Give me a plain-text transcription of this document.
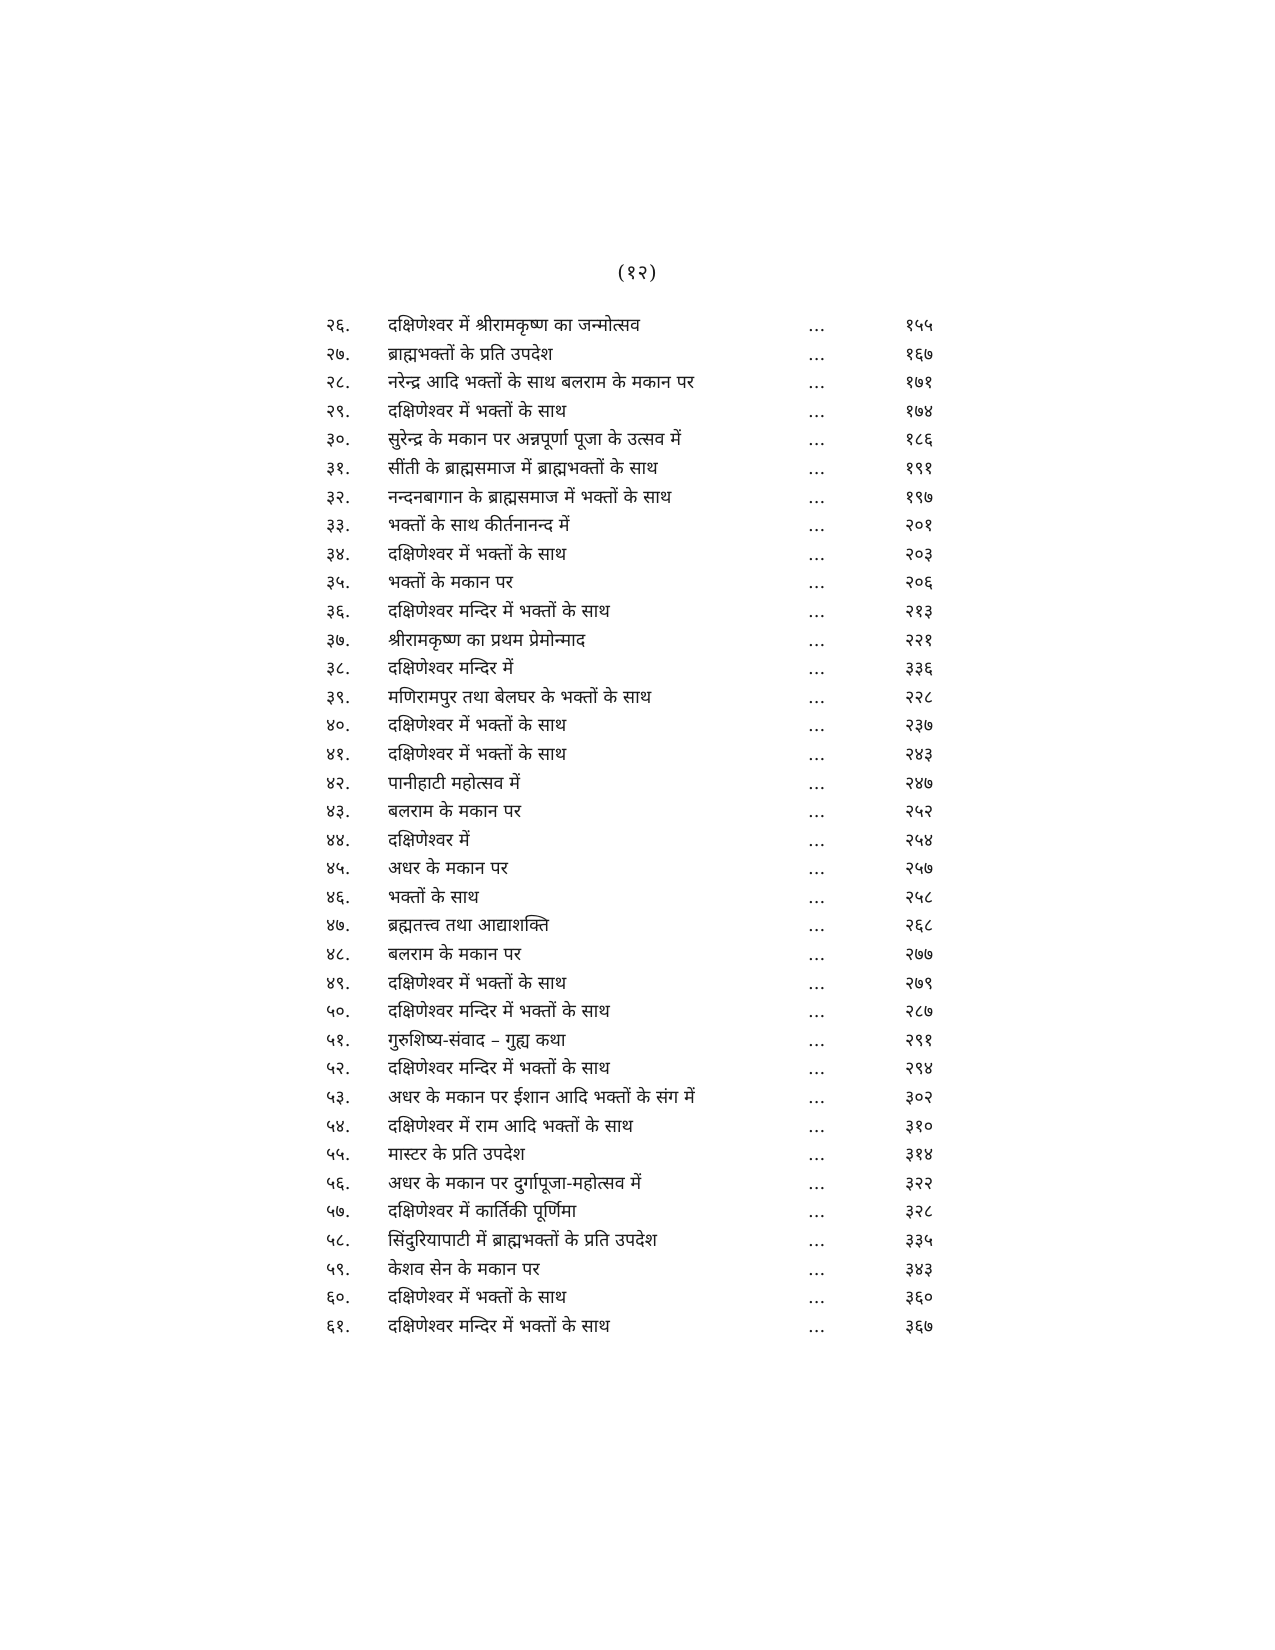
(१२)
२६.	दक्षिणेश्वर में श्रीरामकृष्ण का जन्मोत्सव	...	१५५
२७.	ब्राह्मभक्तों के प्रति उपदेश	...	१६७
२८.	नरेन्द्र आदि भक्तों के साथ बलराम के मकान पर	...	१७१
२९.	दक्षिणेश्वर में भक्तों के साथ	...	१७४
३०.	सुरेन्द्र के मकान पर अन्नपूर्णा पूजा के उत्सव में	...	१८६
३१.	सींती के ब्राह्मसमाज में ब्राह्मभक्तों के साथ	...	१९१
३२.	नन्दनबागान के ब्राह्मसमाज में भक्तों के साथ	...	१९७
३३.	भक्तों के साथ कीर्तनानन्द में	...	२०१
३४.	दक्षिणेश्वर में भक्तों के साथ	...	२०३
३५.	भक्तों के मकान पर	...	२०६
३६.	दक्षिणेश्वर मन्दिर में भक्तों के साथ	...	२१३
३७.	श्रीरामकृष्ण का प्रथम प्रेमोन्माद	...	२२१
३८.	दक्षिणेश्वर मन्दिर में	...	३३६
३९.	मणिरामपुर तथा बेलघर के भक्तों के साथ	...	२२८
४०.	दक्षिणेश्वर में भक्तों के साथ	...	२३७
४१.	दक्षिणेश्वर में भक्तों के साथ	...	२४३
४२.	पानीहाटी महोत्सव में	...	२४७
४३.	बलराम के मकान पर	...	२५२
४४.	दक्षिणेश्वर में	...	२५४
४५.	अधर के मकान पर	...	२५७
४६.	भक्तों के साथ	...	२५८
४७.	ब्रह्मतत्त्व तथा आद्याशक्ति	...	२६८
४८.	बलराम के मकान पर	...	२७७
४९.	दक्षिणेश्वर में भक्तों के साथ	...	२७९
५०.	दक्षिणेश्वर मन्दिर में भक्तों के साथ	...	२८७
५१.	गुरुशिष्य-संवाद – गुह्य कथा	...	२९१
५२.	दक्षिणेश्वर मन्दिर में भक्तों के साथ	...	२९४
५३.	अधर के मकान पर ईशान आदि भक्तों के संग में	...	३०२
५४.	दक्षिणेश्वर में राम आदि भक्तों के साथ	...	३१०
५५.	मास्टर के प्रति उपदेश	...	३१४
५६.	अधर के मकान पर दुर्गापूजा-महोत्सव में	...	३२२
५७.	दक्षिणेश्वर में कार्तिकी पूर्णिमा	...	३२८
५८.	सिंदुरियापाटी में ब्राह्मभक्तों के प्रति उपदेश	...	३३५
५९.	केशव सेन के मकान पर	...	३४३
६०.	दक्षिणेश्वर में भक्तों के साथ	...	३६०
६१.	दक्षिणेश्वर मन्दिर में भक्तों के साथ	...	३६७
